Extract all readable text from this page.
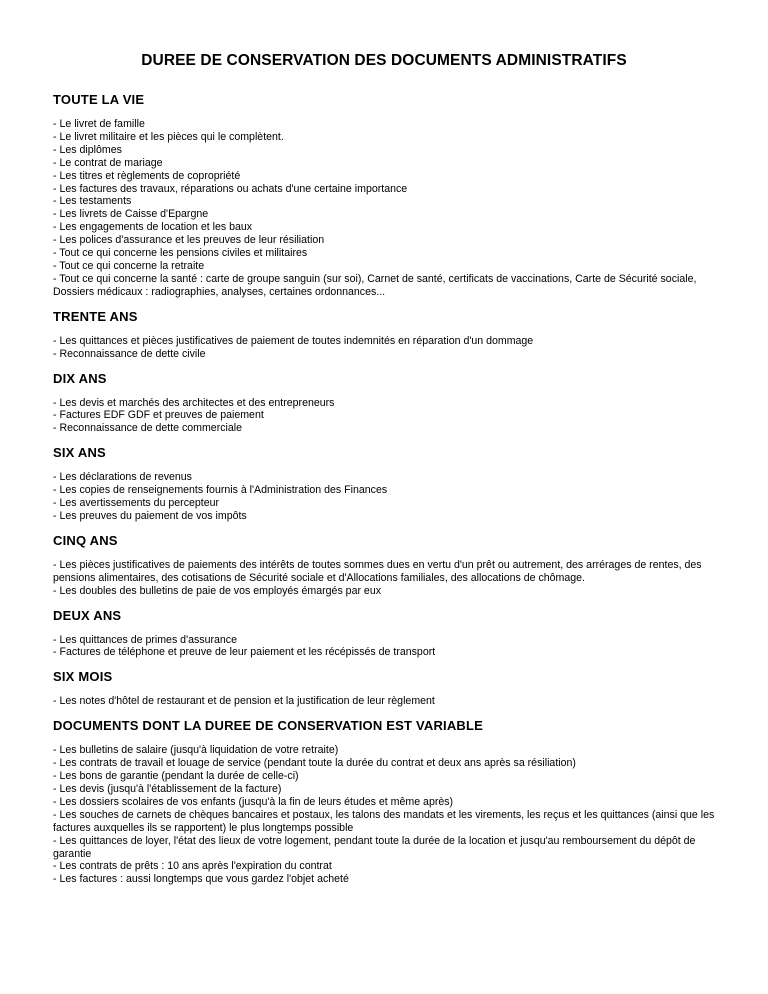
DUREE DE CONSERVATION DES DOCUMENTS ADMINISTRATIFS
TOUTE LA VIE
- Le livret de famille
- Le livret militaire et les pièces qui le complètent.
- Les diplômes
- Le contrat de mariage
- Les titres et règlements de copropriété
- Les factures des travaux, réparations ou achats d'une certaine importance
- Les testaments
- Les livrets de Caisse d'Epargne
- Les engagements de location et les baux
- Les polices d'assurance et les preuves de leur résiliation
- Tout ce qui concerne les pensions civiles et militaires
- Tout ce qui concerne la retraite
- Tout ce qui concerne la santé : carte de groupe sanguin (sur soi), Carnet de santé, certificats de vaccinations, Carte de Sécurité sociale, Dossiers médicaux : radiographies, analyses, certaines ordonnances...
TRENTE ANS
- Les quittances et pièces justificatives de paiement de toutes indemnités en réparation d'un dommage
- Reconnaissance de dette civile
DIX ANS
- Les devis et marchés des architectes et des entrepreneurs
- Factures EDF GDF et preuves de paiement
- Reconnaissance de dette commerciale
SIX ANS
- Les déclarations de revenus
- Les copies de renseignements fournis à l'Administration des Finances
- Les avertissements du percepteur
- Les preuves du paiement de vos impôts
CINQ ANS
- Les pièces justificatives de paiements des intérêts de toutes sommes dues en vertu d'un prêt ou autrement, des arrérages de rentes, des pensions alimentaires, des cotisations de Sécurité sociale et d'Allocations familiales, des allocations de chômage.
- Les doubles des bulletins de paie de vos employés émargés par eux
DEUX ANS
- Les quittances de primes d'assurance
- Factures de téléphone et preuve de leur paiement et les récépissés de transport
SIX MOIS
- Les notes d'hôtel de restaurant et de pension et la justification de leur règlement
DOCUMENTS DONT LA DUREE DE CONSERVATION EST VARIABLE
- Les bulletins de salaire (jusqu'à liquidation de votre retraite)
- Les contrats de travail et louage de service (pendant toute la durée du contrat et deux ans après sa résiliation)
- Les bons de garantie (pendant la durée de celle-ci)
- Les devis (jusqu'à l'établissement de la facture)
- Les dossiers scolaires de vos enfants (jusqu'à la fin de leurs études et même après)
- Les souches de carnets de chèques bancaires et postaux, les talons des mandats et les virements, les reçus et les quittances (ainsi que les factures auxquelles ils se rapportent) le plus longtemps possible
- Les quittances de loyer, l'état des lieux de votre logement, pendant toute la durée de la location et jusqu'au remboursement du dépôt de garantie
- Les contrats de prêts : 10 ans après l'expiration du contrat
- Les factures : aussi longtemps que vous gardez l'objet acheté
